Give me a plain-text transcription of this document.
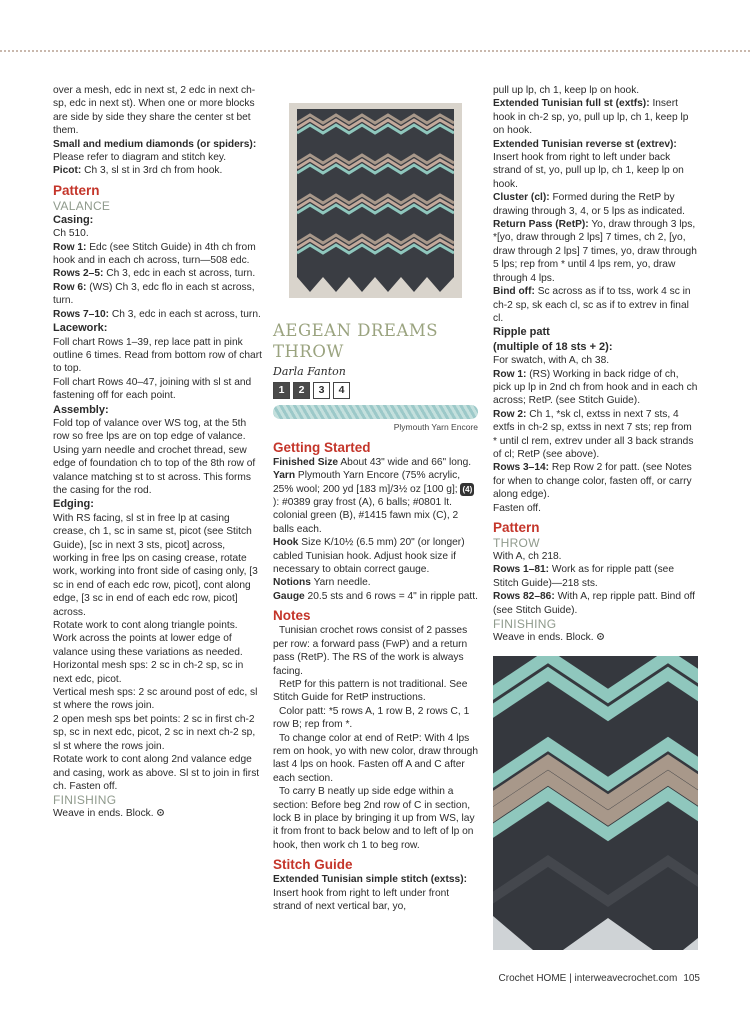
over a mesh, edc in next st, 2 edc in next ch-sp, edc in next st). When one or more blocks are side by side they share the center st bet them.

Small and medium diamonds (or spiders): Please refer to diagram and stitch key.

Picot: Ch 3, sl st in 3rd ch from hook.

Pattern
VALANCE
Casing:

Ch 510.

Row 1: Edc (see Stitch Guide) in 4th ch from hook and in each ch across, turn—508 edc.

Rows 2–5: Ch 3, edc in each st across, turn.

Row 6: (WS) Ch 3, edc flo in each st across, turn.

Rows 7–10: Ch 3, edc in each st across, turn.

Lacework:

Foll chart Rows 1–39, rep lace patt in pink outline 6 times. Read from bottom row of chart to top.

Foll chart Rows 40–47, joining with sl st and fastening off for each point.

Assembly:

Fold top of valance over WS tog, at the 5th row so free lps are on top edge of valance. Using yarn needle and crochet thread, sew edge of foundation ch to top of the 8th row of valance matching st to st across. This forms the casing for the rod.

Edging:

With RS facing, sl st in free lp at casing crease, ch 1, sc in same st, picot (see Stitch Guide), [sc in next 3 sts, picot] across, working in free lps on casing crease, rotate work, working into front side of casing only, [3 sc in end of each edc row, picot], cont along edge, [3 sc in end of each edc row, picot] across.

Rotate work to cont along triangle points. Work across the points at lower edge of valance using these variations as needed.

Horizontal mesh sps: 2 sc in ch-2 sp, sc in next edc, picot.

Vertical mesh sps: 2 sc around post of edc, sl st where the rows join.

2 open mesh sps bet points: 2 sc in first ch-2 sp, sc in next edc, picot, 2 sc in next ch-2 sp, sl st where the rows join.

Rotate work to cont along 2nd valance edge and casing, work as above. Sl st to join in first ch. Fasten off.

FINISHING

Weave in ends. Block.

AEGEAN DREAMS
THROW
Darla Fanton
1	2	3	4
Plymouth Yarn Encore
Getting Started

Finished Size About 43" wide and 66" long.

Yarn Plymouth Yarn Encore (75% acrylic, 25% wool; 200 yd [183 m]/3½ oz [100 g]; (4)): #0389 gray frost (A), 6 balls; #0801 lt. colonial green (B), #1415 fawn mix (C), 2 balls each.

Hook Size K/10½ (6.5 mm) 20" (or longer) cabled Tunisian hook. Adjust hook size if necessary to obtain correct gauge.

Notions Yarn needle.

Gauge 20.5 sts and 6 rows = 4" in ripple patt.

Notes

Tunisian crochet rows consist of 2 passes per row: a forward pass (FwP) and a return pass (RetP). The RS of the work is always facing.

RetP for this pattern is not traditional. See Stitch Guide for RetP instructions.

Color patt: *5 rows A, 1 row B, 2 rows C, 1 row B; rep from *.

To change color at end of RetP: With 4 lps rem on hook, yo with new color, draw through last 4 lps on hook. Fasten off A and C after each section.

To carry B neatly up side edge within a section: Before beg 2nd row of C in section, lock B in place by bringing it up from WS, lay it from front to back below and to left of lp on hook, then work ch 1 to beg row.

Stitch Guide

Extended Tunisian simple stitch (extss): Insert hook from right to left under front strand of next vertical bar, yo,

pull up lp, ch 1, keep lp on hook.

Extended Tunisian full st (extfs): Insert hook in ch-2 sp, yo, pull up lp, ch 1, keep lp on hook.

Extended Tunisian reverse st (extrev): Insert hook from right to left under back strand of st, yo, pull up lp, ch 1, keep lp on hook.

Cluster (cl): Formed during the RetP by drawing through 3, 4, or 5 lps as indicated.

Return Pass (RetP): Yo, draw through 3 lps, *[yo, draw through 2 lps] 7 times, ch 2, [yo, draw through 2 lps] 7 times, yo, draw through 5 lps; rep from * until 4 lps rem, yo, draw through 4 lps.

Bind off: Sc across as if to tss, work 4 sc in ch-2 sp, sk each cl, sc as if to extrev in final cl.

Ripple patt
(multiple of 18 sts + 2):

For swatch, with A, ch 38.

Row 1: (RS) Working in back ridge of ch, pick up lp in 2nd ch from hook and in each ch across; RetP. (see Stitch Guide).

Row 2: Ch 1, *sk cl, extss in next 7 sts, 4 extfs in ch-2 sp, extss in next 7 sts; rep from * until cl rem, extrev under all 3 back strands of cl; RetP (see above).

Rows 3–14: Rep Row 2 for patt. (see Notes for when to change color, fasten off, or carry along edge).

Fasten off.

Pattern
THROW

With A, ch 218.

Rows 1–81: Work as for ripple patt (see Stitch Guide)—218 sts.

Rows 82–86: With A, rep ripple patt. Bind off (see Stitch Guide).

FINISHING

Weave in ends. Block.

Crochet HOME | interweavecrochet.com 105
